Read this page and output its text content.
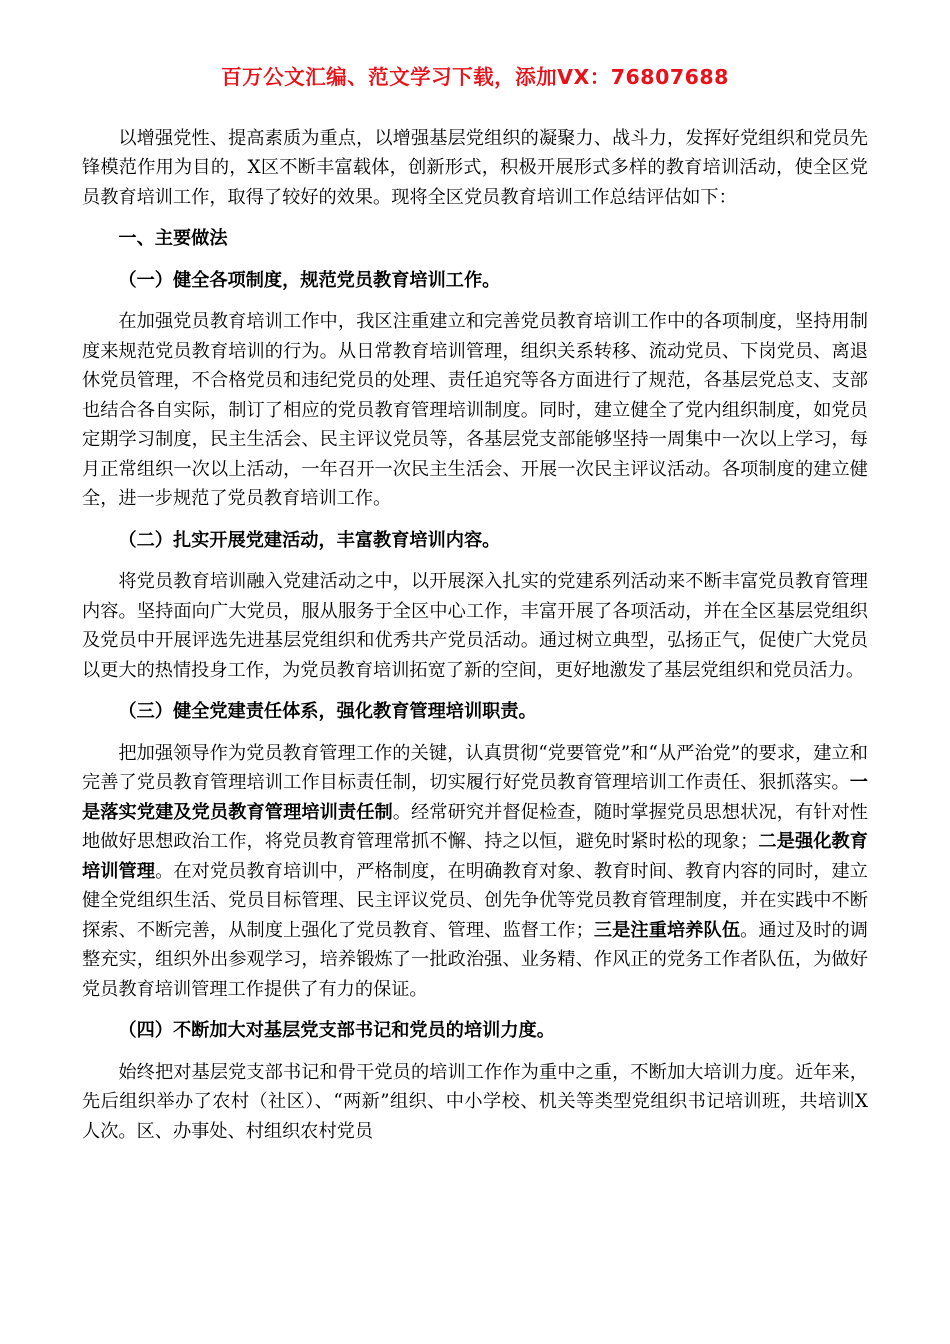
百万公文汇编、范文学习下载，添加VX：76807688

以增强党性、提高素质为重点，以增强基层党组织的凝聚力、战斗力，发挥好党组织和党员先锋模范作用为目的，X区不断丰富载体，创新形式，积极开展形式多样的教育培训活动，使全区党员教育培训工作，取得了较好的效果。现将全区党员教育培训工作总结评估如下：

一、主要做法

（一）健全各项制度，规范党员教育培训工作。

在加强党员教育培训工作中，我区注重建立和完善党员教育培训工作中的各项制度，坚持用制度来规范党员教育培训的行为。从日常教育培训管理，组织关系转移、流动党员、下岗党员、离退休党员管理，不合格党员和违纪党员的处理、责任追究等各方面进行了规范，各基层党总支、支部也结合各自实际，制订了相应的党员教育管理培训制度。同时，建立健全了党内组织制度，如党员定期学习制度，民主生活会、民主评议党员等，各基层党支部能够坚持一周集中一次以上学习，每月正常组织一次以上活动，一年召开一次民主生活会、开展一次民主评议活动。各项制度的建立健全，进一步规范了党员教育培训工作。

（二）扎实开展党建活动，丰富教育培训内容。

将党员教育培训融入党建活动之中，以开展深入扎实的党建系列活动来不断丰富党员教育管理内容。坚持面向广大党员，服从服务于全区中心工作，丰富开展了各项活动，并在全区基层党组织及党员中开展评选先进基层党组织和优秀共产党员活动。通过树立典型，弘扬正气，促使广大党员以更大的热情投身工作，为党员教育培训拓宽了新的空间，更好地激发了基层党组织和党员活力。

（三）健全党建责任体系，强化教育管理培训职责。

把加强领导作为党员教育管理工作的关键，认真贯彻“党要管党”和“从严治党”的要求，建立和完善了党员教育管理培训工作目标责任制，切实履行好党员教育管理培训工作责任、狠抓落实。一是落实党建及党员教育管理培训责任制。经常研究并督促检查，随时掌握党员思想状况，有针对性地做好思想政治工作，将党员教育管理常抓不懈、持之以恒，避免时紧时松的现象；二是强化教育培训管理。在对党员教育培训中，严格制度，在明确教育对象、教育时间、教育内容的同时，建立健全党组织生活、党员目标管理、民主评议党员、创先争优等党员教育管理制度，并在实践中不断探索、不断完善，从制度上强化了党员教育、管理、监督工作；三是注重培养队伍。通过及时的调整充实，组织外出参观学习，培养锻炼了一批政治强、业务精、作风正的党务工作者队伍，为做好党员教育培训管理工作提供了有力的保证。

（四）不断加大对基层党支部书记和党员的培训力度。

始终把对基层党支部书记和骨干党员的培训工作作为重中之重，不断加大培训力度。近年来，先后组织举办了农村（社区）、“两新”组织、中小学校、机关等类型党组织书记培训班，共培训X人次。区、办事处、村组织农村党员
